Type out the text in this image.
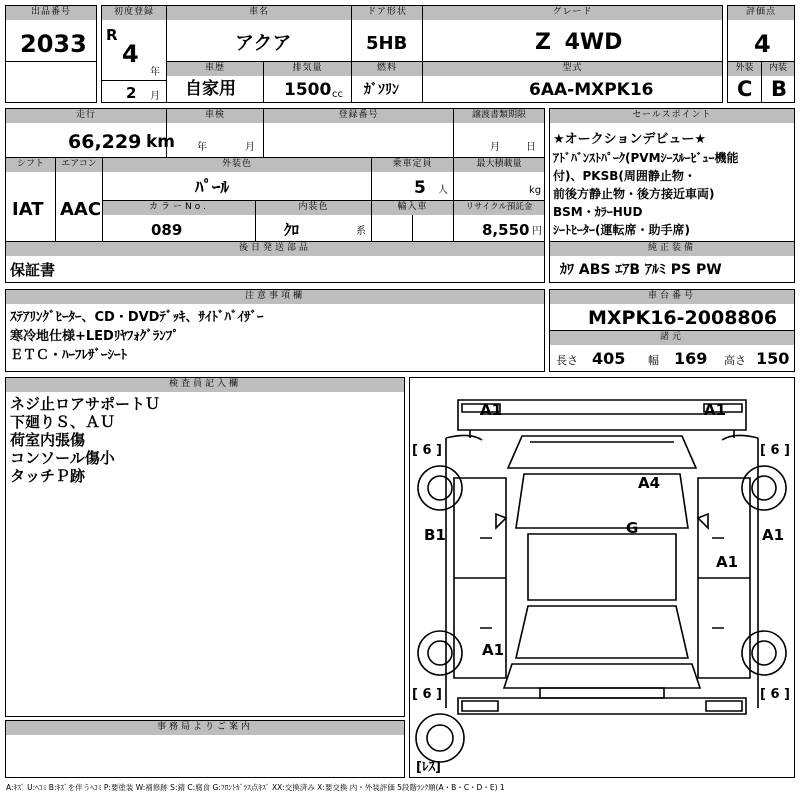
出品番号
2033
初度登録
R
4
年
2 月
車名
アクア
ドア形状
5HB
グレード
Z 4WD
評価点
4
車歴
自家用
排気量
1500 cc
燃料
ｶﾞｿﾘﾝ
型式
6AA-MXPK16
外装
C
内装
B
走行
66,229 km
車検
年	月
登録番号	譲渡書類期限
月	日
セールスポイント
★オークションデビュー★
ｱﾄﾞﾊﾞﾝｽﾄﾊﾟｰｸ(PVMｼｰｽﾙｰﾋﾞｭｰ機能
付)、PKSB(周囲静止物・
前後方静止物・後方接近車両)
BSM・ｶﾗｰHUD
ｼｰﾄﾋｰﾀｰ(運転席・助手席)
シフト
IAT
エアコン
AAC
外装色
ﾊﾟｰﾙ
乗車定員
5 人
最大積載量
kg
カラーNo.
089
内装色
ｸﾛ	系
輸入車	リサイクル預託金
8,550 円
後日発送部品
保証書
純正装備
ｶﾜ ABS ｴｱB ｱﾙﾐ PS PW
注意事項欄
ｽﾃｱﾘﾝｸﾞﾋｰﾀｰ、CD・DVDﾃﾞｯｷ、ｻｲﾄﾞﾊﾞｲｻﾞｰ
寒冷地仕様+LEDﾘﾔﾌｫｸﾞﾗﾝﾌﾟ
ＥＴＣ・ﾊｰﾌﾚｻﾞｰｼｰﾄ
車台番号
MXPK16-2008806
諸元
長さ 405 幅 169 高さ 150
検査員記入欄
ネジ止ロアサポートＵ
下廻りＳ、ＡＵ
荷室内張傷
コンソール傷小
タッチＰ跡
事務局よりご案内
A1	A1
A4
G
B1	A1
A1
A1
[ 6 ]	[ 6 ]
[ 6 ]	[ 6 ]
[ﾚｽ]
A:ｷｽﾞ U:ﾍｺﾐ B:ｷｽﾞを伴うﾍｺﾐ P:要塗装 W:補修跡 S:錆 C:腐食 G:ﾌﾛﾝﾄｶﾞﾗｽ点ｷｽﾞ XX:交換済み X:要交換 内・外装評価 5段階ﾗﾝｸ順(A・B・C・D・E) 1
